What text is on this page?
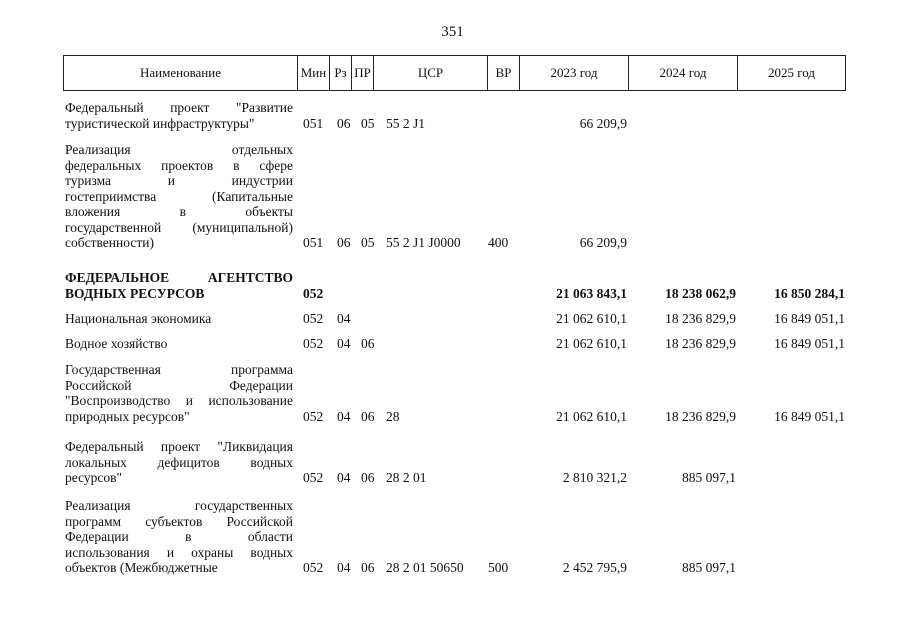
351
Наименование	Мин Рз ПР	ЦСР	ВР	2023 год	2024 год	2025 год
Федеральный проект "Развитие
туристической инфраструктуры"	051 06 05 55 2 J1	66 209,9
Реализация отдельных
федеральных проектов в сфере
туризма и индустрии
гостеприимства (Капитальные
вложения в объекты
государственной (муниципальной)
собственности)	051 06 05 55 2 J1 J0000 400	66 209,9
ФЕДЕРАЛЬНОЕ АГЕНТСТВО
ВОДНЫХ РЕСУРСОВ	052	21 063 843,1	18 238 062,9	16 850 284,1
Национальная экономика	052 04	21 062 610,1	18 236 829,9	16 849 051,1
Водное хозяйство	052 04 06	21 062 610,1	18 236 829,9	16 849 051,1
Государственная программа
Российской Федерации
"Воспроизводство и использование
природных ресурсов"	052 04 06 28	21 062 610,1	18 236 829,9	16 849 051,1
Федеральный проект "Ликвидация
локальных дефицитов водных
ресурсов"	052 04 06 28 2 01	2 810 321,2	885 097,1
Реализация государственных
программ субъектов Российской
Федерации в области
использования и охраны водных
объектов (Межбюджетные	052 04 06 28 2 01 50650 500	2 452 795,9	885 097,1
